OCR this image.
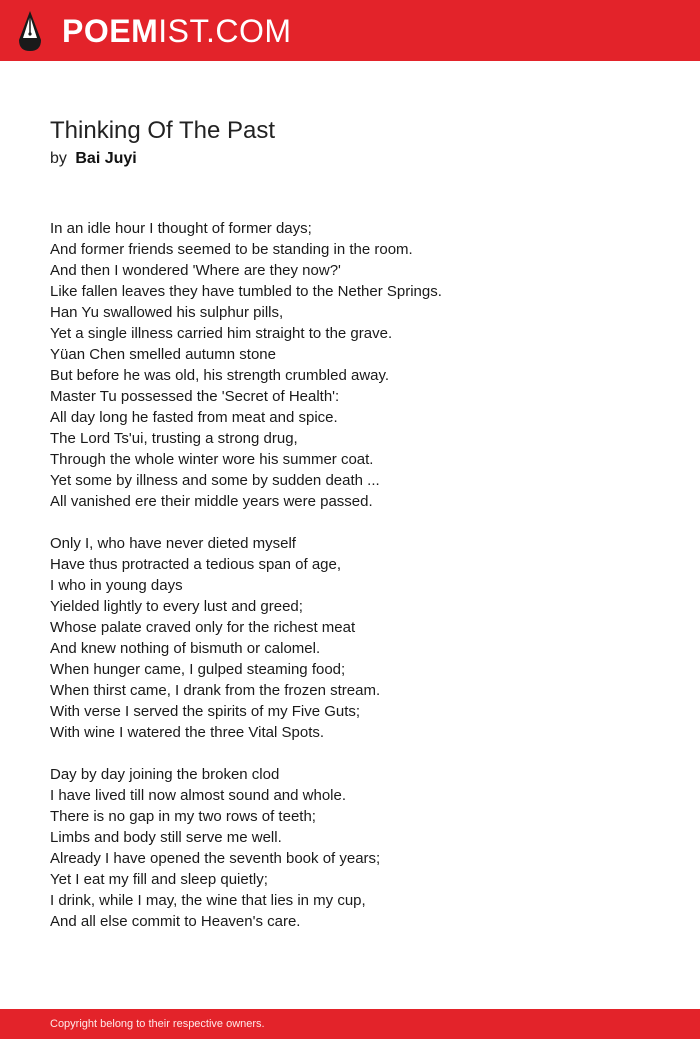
POEMIST.COM
Thinking Of The Past
by Bai Juyi
In an idle hour I thought of former days;
And former friends seemed to be standing in the room.
And then I wondered 'Where are they now?'
Like fallen leaves they have tumbled to the Nether Springs.
Han Yu swallowed his sulphur pills,
Yet a single illness carried him straight to the grave.
Yüan Chen smelled autumn stone
But before he was old, his strength crumbled away.
Master Tu possessed the 'Secret of Health':
All day long he fasted from meat and spice.
The Lord Ts'ui, trusting a strong drug,
Through the whole winter wore his summer coat.
Yet some by illness and some by sudden death ...
All vanished ere their middle years were passed.
Only I, who have never dieted myself
Have thus protracted a tedious span of age,
I who in young days
Yielded lightly to every lust and greed;
Whose palate craved only for the richest meat
And knew nothing of bismuth or calomel.
When hunger came, I gulped steaming food;
When thirst came, I drank from the frozen stream.
With verse I served the spirits of my Five Guts;
With wine I watered the three Vital Spots.
Day by day joining the broken clod
I have lived till now almost sound and whole.
There is no gap in my two rows of teeth;
Limbs and body still serve me well.
Already I have opened the seventh book of years;
Yet I eat my fill and sleep quietly;
I drink, while I may, the wine that lies in my cup,
And all else commit to Heaven's care.
Copyright belong to their respective owners.
